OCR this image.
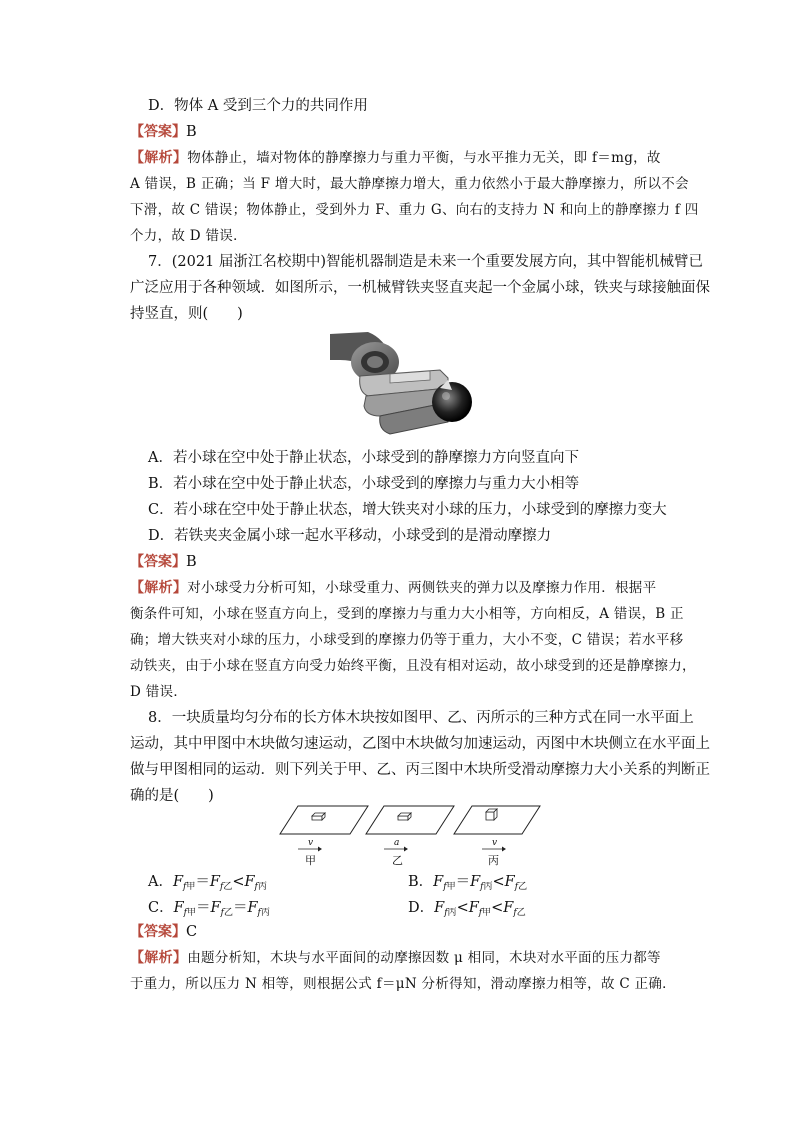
D．物体 A 受到三个力的共同作用
【答案】B
【解析】物体静止，墙对物体的静摩擦力与重力平衡，与水平推力无关，即 f＝mg，故
A 错误，B 正确；当 F 增大时，最大静摩擦力增大，重力依然小于最大静摩擦力，所以不会
下滑，故 C 错误；物体静止，受到外力 F、重力 G、向右的支持力 N 和向上的静摩擦力 f 四
个力，故 D 错误．
7．(2021 届浙江名校期中)智能机器制造是未来一个重要发展方向，其中智能机械臂已
广泛应用于各种领域．如图所示，一机械臂铁夹竖直夹起一个金属小球，铁夹与球接触面保
持竖直，则(　　)
A．若小球在空中处于静止状态，小球受到的静摩擦力方向竖直向下
B．若小球在空中处于静止状态，小球受到的摩擦力与重力大小相等
C．若小球在空中处于静止状态，增大铁夹对小球的压力，小球受到的摩擦力变大
D．若铁夹夹金属小球一起水平移动，小球受到的是滑动摩擦力
【答案】B
【解析】对小球受力分析可知，小球受重力、两侧铁夹的弹力以及摩擦力作用．根据平
衡条件可知，小球在竖直方向上，受到的摩擦力与重力大小相等，方向相反，A 错误，B 正
确；增大铁夹对小球的压力，小球受到的摩擦力仍等于重力，大小不变，C 错误；若水平移
动铁夹，由于小球在竖直方向受力始终平衡，且没有相对运动，故小球受到的还是静摩擦力，
D 错误．
8．一块质量均匀分布的长方体木块按如图甲、乙、丙所示的三种方式在同一水平面上
运动，其中甲图中木块做匀速运动，乙图中木块做匀加速运动，丙图中木块侧立在水平面上
做与甲图相同的运动．则下列关于甲、乙、丙三图中木块所受滑动摩擦力大小关系的判断正
确的是(　　)
v
甲
a
乙
v
丙
A．$F_{f甲}=F_{f乙}<F_{f丙}$	B．$F_{f甲}=F_{f丙}<F_{f乙}$
C．$F_{f甲}=F_{f乙}=F_{f丙}$	D．$F_{f丙}<F_{f甲}<F_{f乙}$
【答案】C
【解析】由题分析知，木块与水平面间的动摩擦因数 μ 相同，木块对水平面的压力都等
于重力，所以压力 N 相等，则根据公式 f＝μN 分析得知，滑动摩擦力相等，故 C 正确．
